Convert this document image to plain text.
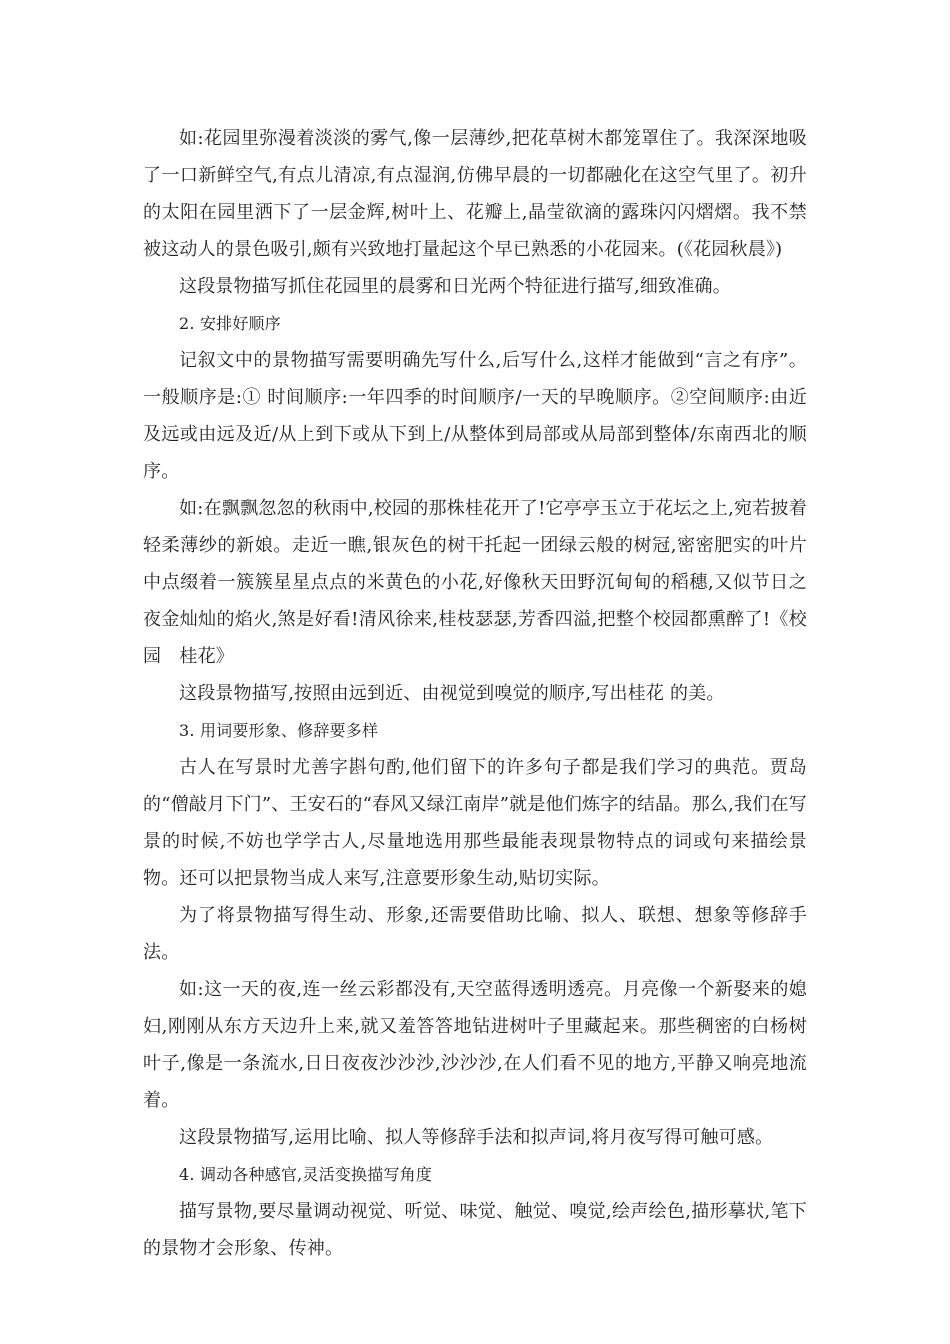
如:花园里弥漫着淡淡的雾气,像一层薄纱,把花草树木都笼罩住了。我深深地吸了一口新鲜空气,有点儿清凉,有点湿润,仿佛早晨的一切都融化在这空气里了。初升的太阳在园里洒下了一层金辉,树叶上、花瓣上,晶莹欲滴的露珠闪闪熠熠。我不禁被这动人的景色吸引,颇有兴致地打量起这个早已熟悉的小花园来。(《花园秋晨》)

这段景物描写抓住花园里的晨雾和日光两个特征进行描写,细致准确。

2. 安排好顺序

记叙文中的景物描写需要明确先写什么,后写什么,这样才能做到“言之有序”。一般顺序是:① 时间顺序:一年四季的时间顺序/一天的早晚顺序。②空间顺序:由近及远或由远及近/从上到下或从下到上/从整体到局部或从局部到整体/东南西北的顺序。

如:在飘飘忽忽的秋雨中,校园的那株桂花开了!它亭亭玉立于花坛之上,宛若披着轻柔薄纱的新娘。走近一瞧,银灰色的树干托起一团绿云般的树冠,密密肥实的叶片中点缀着一簇簇星星点点的米黄色的小花,好像秋天田野沉甸甸的稻穗,又似节日之夜金灿灿的焰火,煞是好看!清风徐来,桂枝瑟瑟,芳香四溢,把整个校园都熏醉了!《校园　桂花》

这段景物描写,按照由远到近、由视觉到嗅觉的顺序,写出桂花 的美。

3. 用词要形象、修辞要多样

古人在写景时尤善字斟句酌,他们留下的许多句子都是我们学习的典范。贾岛的“僧敲月下门”、王安石的“春风又绿江南岸”就是他们炼字的结晶。那么,我们在写景的时候,不妨也学学古人,尽量地选用那些最能表现景物特点的词或句来描绘景物。还可以把景物当成人来写,注意要形象生动,贴切实际。

为了将景物描写得生动、形象,还需要借助比喻、拟人、联想、想象等修辞手法。

如:这一天的夜,连一丝云彩都没有,天空蓝得透明透亮。月亮像一个新娶来的媳妇,刚刚从东方天边升上来,就又羞答答地钻进树叶子里藏起来。那些稠密的白杨树叶子,像是一条流水,日日夜夜沙沙沙,沙沙沙,在人们看不见的地方,平静又响亮地流着。

这段景物描写,运用比喻、拟人等修辞手法和拟声词,将月夜写得可触可感。

4. 调动各种感官,灵活变换描写角度

描写景物,要尽量调动视觉、听觉、味觉、触觉、嗅觉,绘声绘色,描形摹状,笔下的景物才会形象、传神。
